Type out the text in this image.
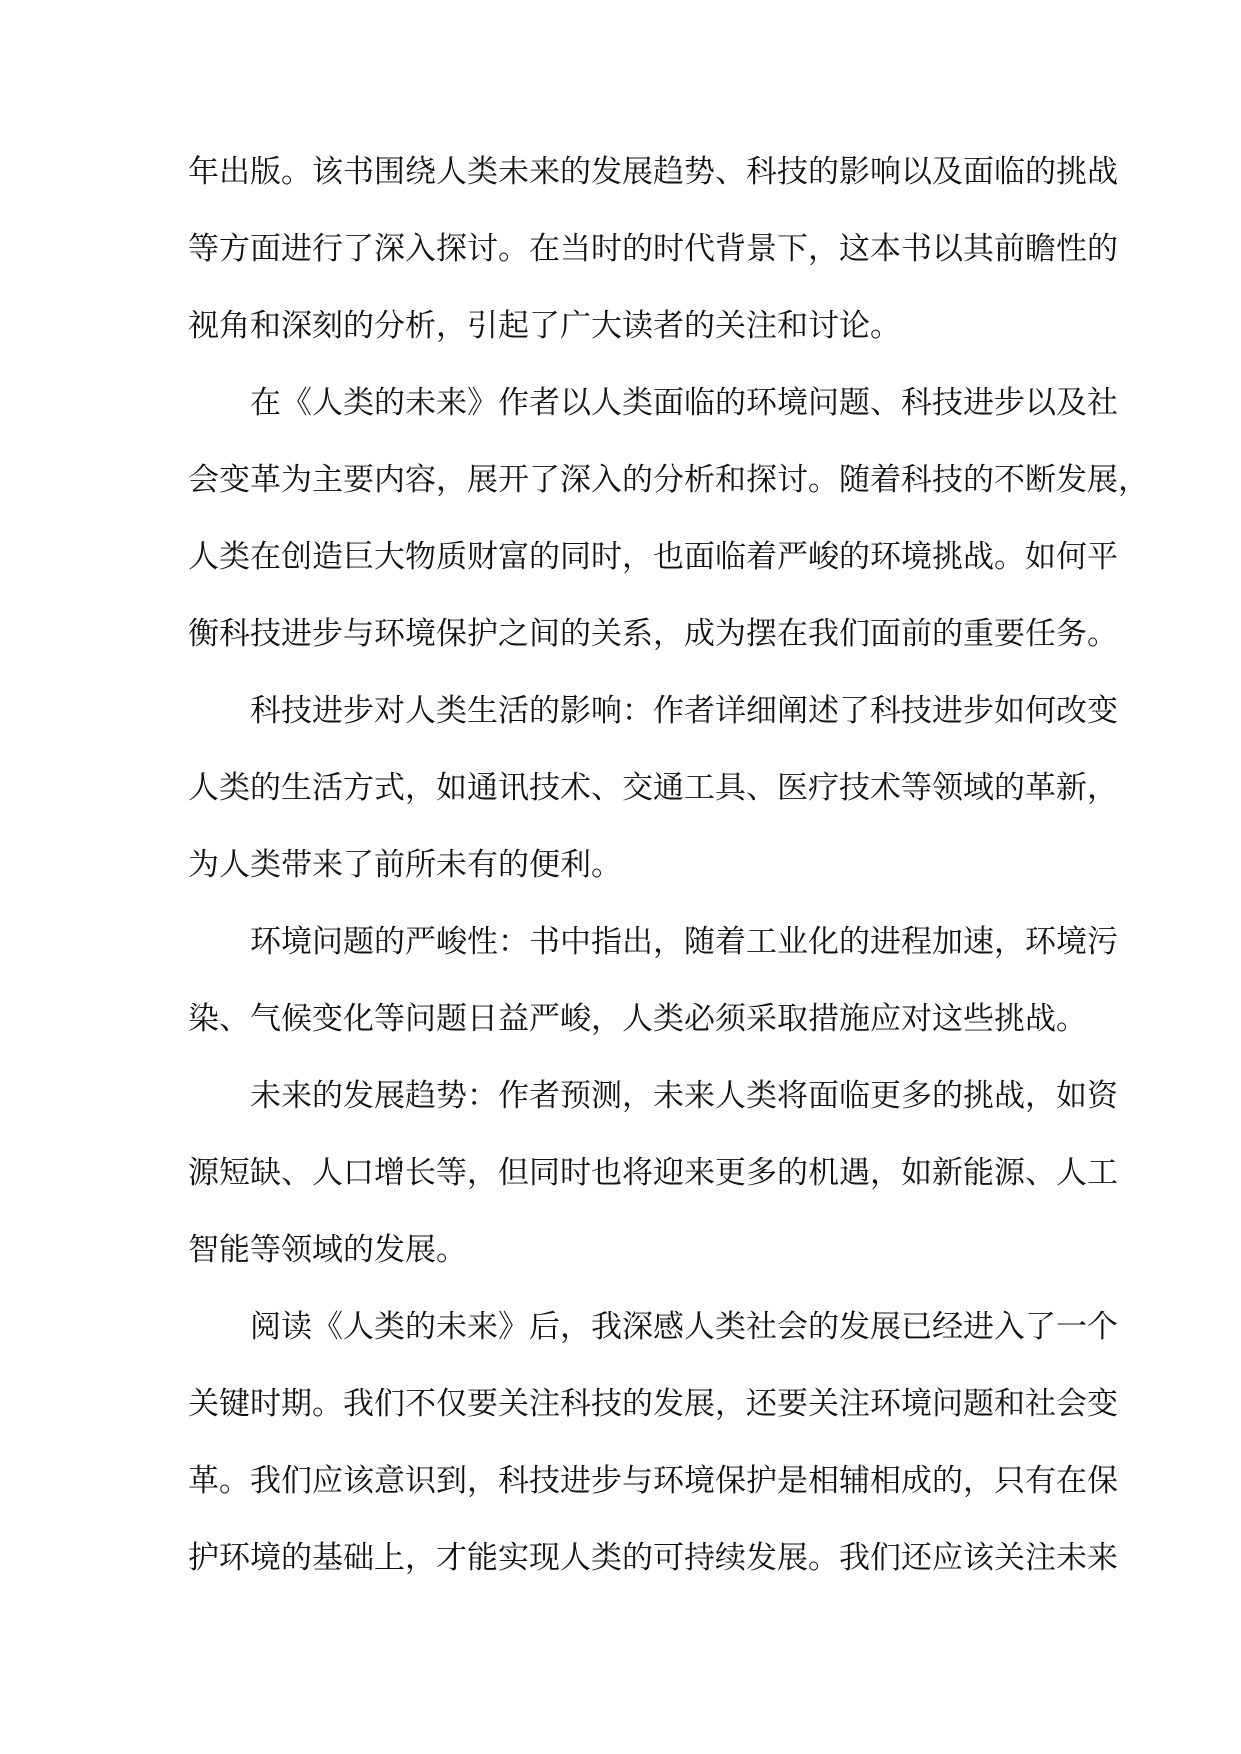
年出版。该书围绕人类未来的发展趋势、科技的影响以及面临的挑战
等方面进行了深入探讨。在当时的时代背景下，这本书以其前瞻性的
视角和深刻的分析，引起了广大读者的关注和讨论。
在《人类的未来》作者以人类面临的环境问题、科技进步以及社
会变革为主要内容，展开了深入的分析和探讨。随着科技的不断发展，
人类在创造巨大物质财富的同时，也面临着严峻的环境挑战。如何平
衡科技进步与环境保护之间的关系，成为摆在我们面前的重要任务。
科技进步对人类生活的影响：作者详细阐述了科技进步如何改变
人类的生活方式，如通讯技术、交通工具、医疗技术等领域的革新，
为人类带来了前所未有的便利。
环境问题的严峻性：书中指出，随着工业化的进程加速，环境污
染、气候变化等问题日益严峻，人类必须采取措施应对这些挑战。
未来的发展趋势：作者预测，未来人类将面临更多的挑战，如资
源短缺、人口增长等，但同时也将迎来更多的机遇，如新能源、人工
智能等领域的发展。
阅读《人类的未来》后，我深感人类社会的发展已经进入了一个
关键时期。我们不仅要关注科技的发展，还要关注环境问题和社会变
革。我们应该意识到，科技进步与环境保护是相辅相成的，只有在保
护环境的基础上，才能实现人类的可持续发展。我们还应该关注未来
